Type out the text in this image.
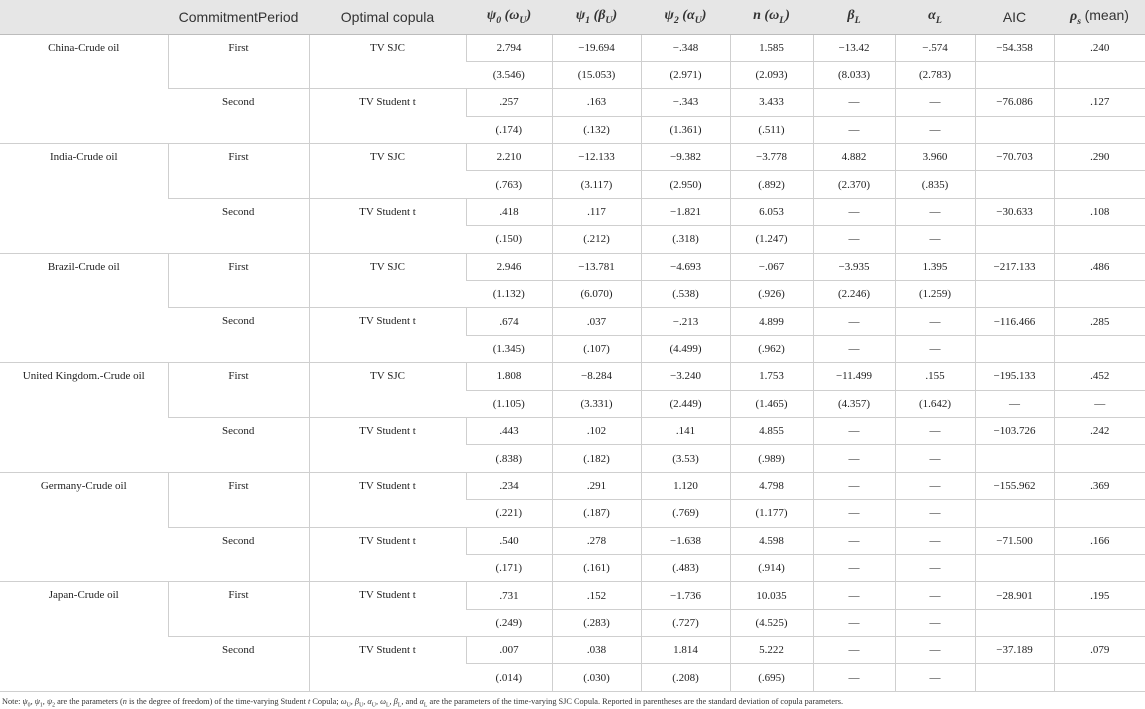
	CommitmentPeriod	Optimal copula	$\psi_0$ $(\omega_U)$	$\psi_1$ $(\beta_U)$	$\psi_2$ $(\alpha_U)$	n $(\omega_L)$	$\beta_L$	$\alpha_L$	AIC	$\rho_s$ (mean)
China-Crude oil	First	TV SJC	2.794	−19.694	−.348	1.585	−13.42	−.574	−54.358	.240
			(3.546)	(15.053)	(2.971)	(2.093)	(8.033)	(2.783)		
	Second	TV Student t	.257	.163	−.343	3.433	—	—	−76.086	.127
			(.174)	(.132)	(1.361)	(.511)	—	—		
India-Crude oil	First	TV SJC	2.210	−12.133	−9.382	−3.778	4.882	3.960	−70.703	.290
			(.763)	(3.117)	(2.950)	(.892)	(2.370)	(.835)		
	Second	TV Student t	.418	.117	−1.821	6.053	—	—	−30.633	.108
			(.150)	(.212)	(.318)	(1.247)	—	—		
Brazil-Crude oil	First	TV SJC	2.946	−13.781	−4.693	−.067	−3.935	1.395	−217.133	.486
			(1.132)	(6.070)	(.538)	(.926)	(2.246)	(1.259)		
	Second	TV Student t	.674	.037	−.213	4.899	—	—	−116.466	.285
			(1.345)	(.107)	(4.499)	(.962)	—	—		
United Kingdom.-Crude oil	First	TV SJC	1.808	−8.284	−3.240	1.753	−11.499	.155	−195.133	.452
			(1.105)	(3.331)	(2.449)	(1.465)	(4.357)	(1.642)	—	—
	Second	TV Student t	.443	.102	.141	4.855	—	—	−103.726	.242
			(.838)	(.182)	(3.53)	(.989)	—	—		
Germany-Crude oil	First	TV Student t	.234	.291	1.120	4.798	—	—	−155.962	.369
			(.221)	(.187)	(.769)	(1.177)	—	—		
	Second	TV Student t	.540	.278	−1.638	4.598	—	—	−71.500	.166
			(.171)	(.161)	(.483)	(.914)	—	—		
Japan-Crude oil	First	TV Student t	.731	.152	−1.736	10.035	—	—	−28.901	.195
			(.249)	(.283)	(.727)	(4.525)	—	—		
	Second	TV Student t	.007	.038	1.814	5.222	—	—	−37.189	.079
			(.014)	(.030)	(.208)	(.695)	—	—		
Note: $\psi_0$, $\psi_1$, $\psi_2$ are the parameters (n is the degree of freedom) of the time-varying Student t Copula; $\omega_U$, $\beta_U$, $\alpha_U$, $\omega_L$, $\beta_L$, and $\alpha_L$ are the parameters of the time-varying SJC Copula. Reported in parentheses are the standard deviation of copula parameters.
